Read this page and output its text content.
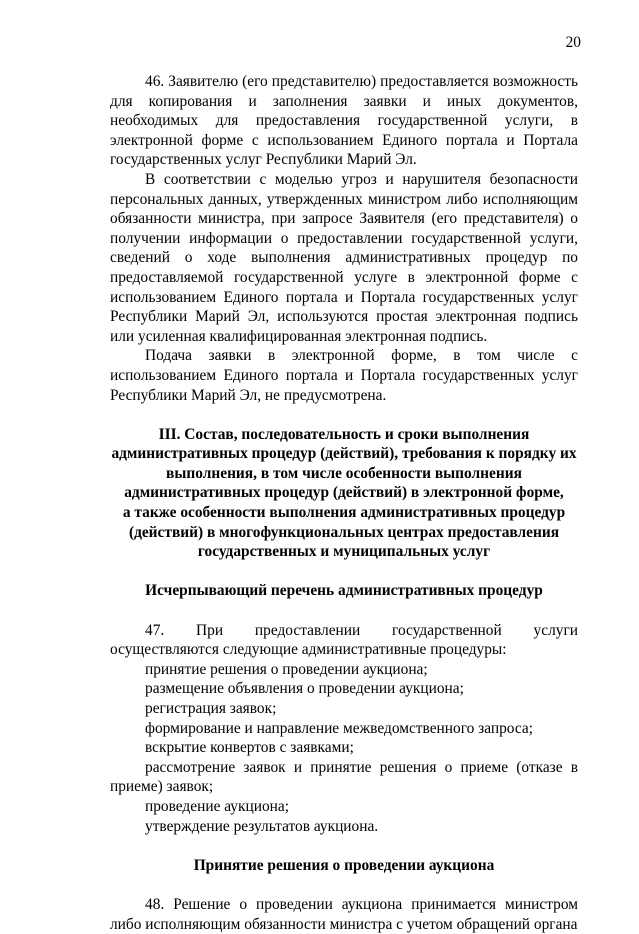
20

46. Заявителю (его представителю) предоставляется возможность для копирования и заполнения заявки и иных документов, необходимых для предоставления государственной услуги, в электронной форме с использованием Единого портала и Портала государственных услуг Республики Марий Эл.

В соответствии с моделью угроз и нарушителя безопасности персональных данных, утвержденных министром либо исполняющим обязанности министра, при запросе Заявителя (его представителя) о получении информации о предоставлении государственной услуги, сведений о ходе выполнения административных процедур по предоставляемой государственной услуге в электронной форме с использованием Единого портала и Портала государственных услуг Республики Марий Эл, используются простая электронная подпись или усиленная квалифицированная электронная подпись.

Подача заявки в электронной форме, в том числе с использованием Единого портала и Портала государственных услуг Республики Марий Эл, не предусмотрена.

III. Состав, последовательность и сроки выполнения

административных процедур (действий), требования к порядку их

выполнения, в том числе особенности выполнения

административных процедур (действий) в электронной форме,

а также особенности выполнения административных процедур

(действий) в многофункциональных центрах предоставления

государственных и муниципальных услуг

Исчерпывающий перечень административных процедур

47. При предоставлении государственной услуги осуществляются следующие административные процедуры:

принятие решения о проведении аукциона;
размещение объявления о проведении аукциона;
регистрация заявок;
формирование и направление межведомственного запроса;
вскрытие конвертов с заявками;
рассмотрение заявок и принятие решения о приеме (отказе в приеме) заявок;
проведение аукциона;
утверждение результатов аукциона.

Принятие решения о проведении аукциона

48. Решение о проведении аукциона принимается министром либо исполняющим обязанности министра с учетом обращений органа
